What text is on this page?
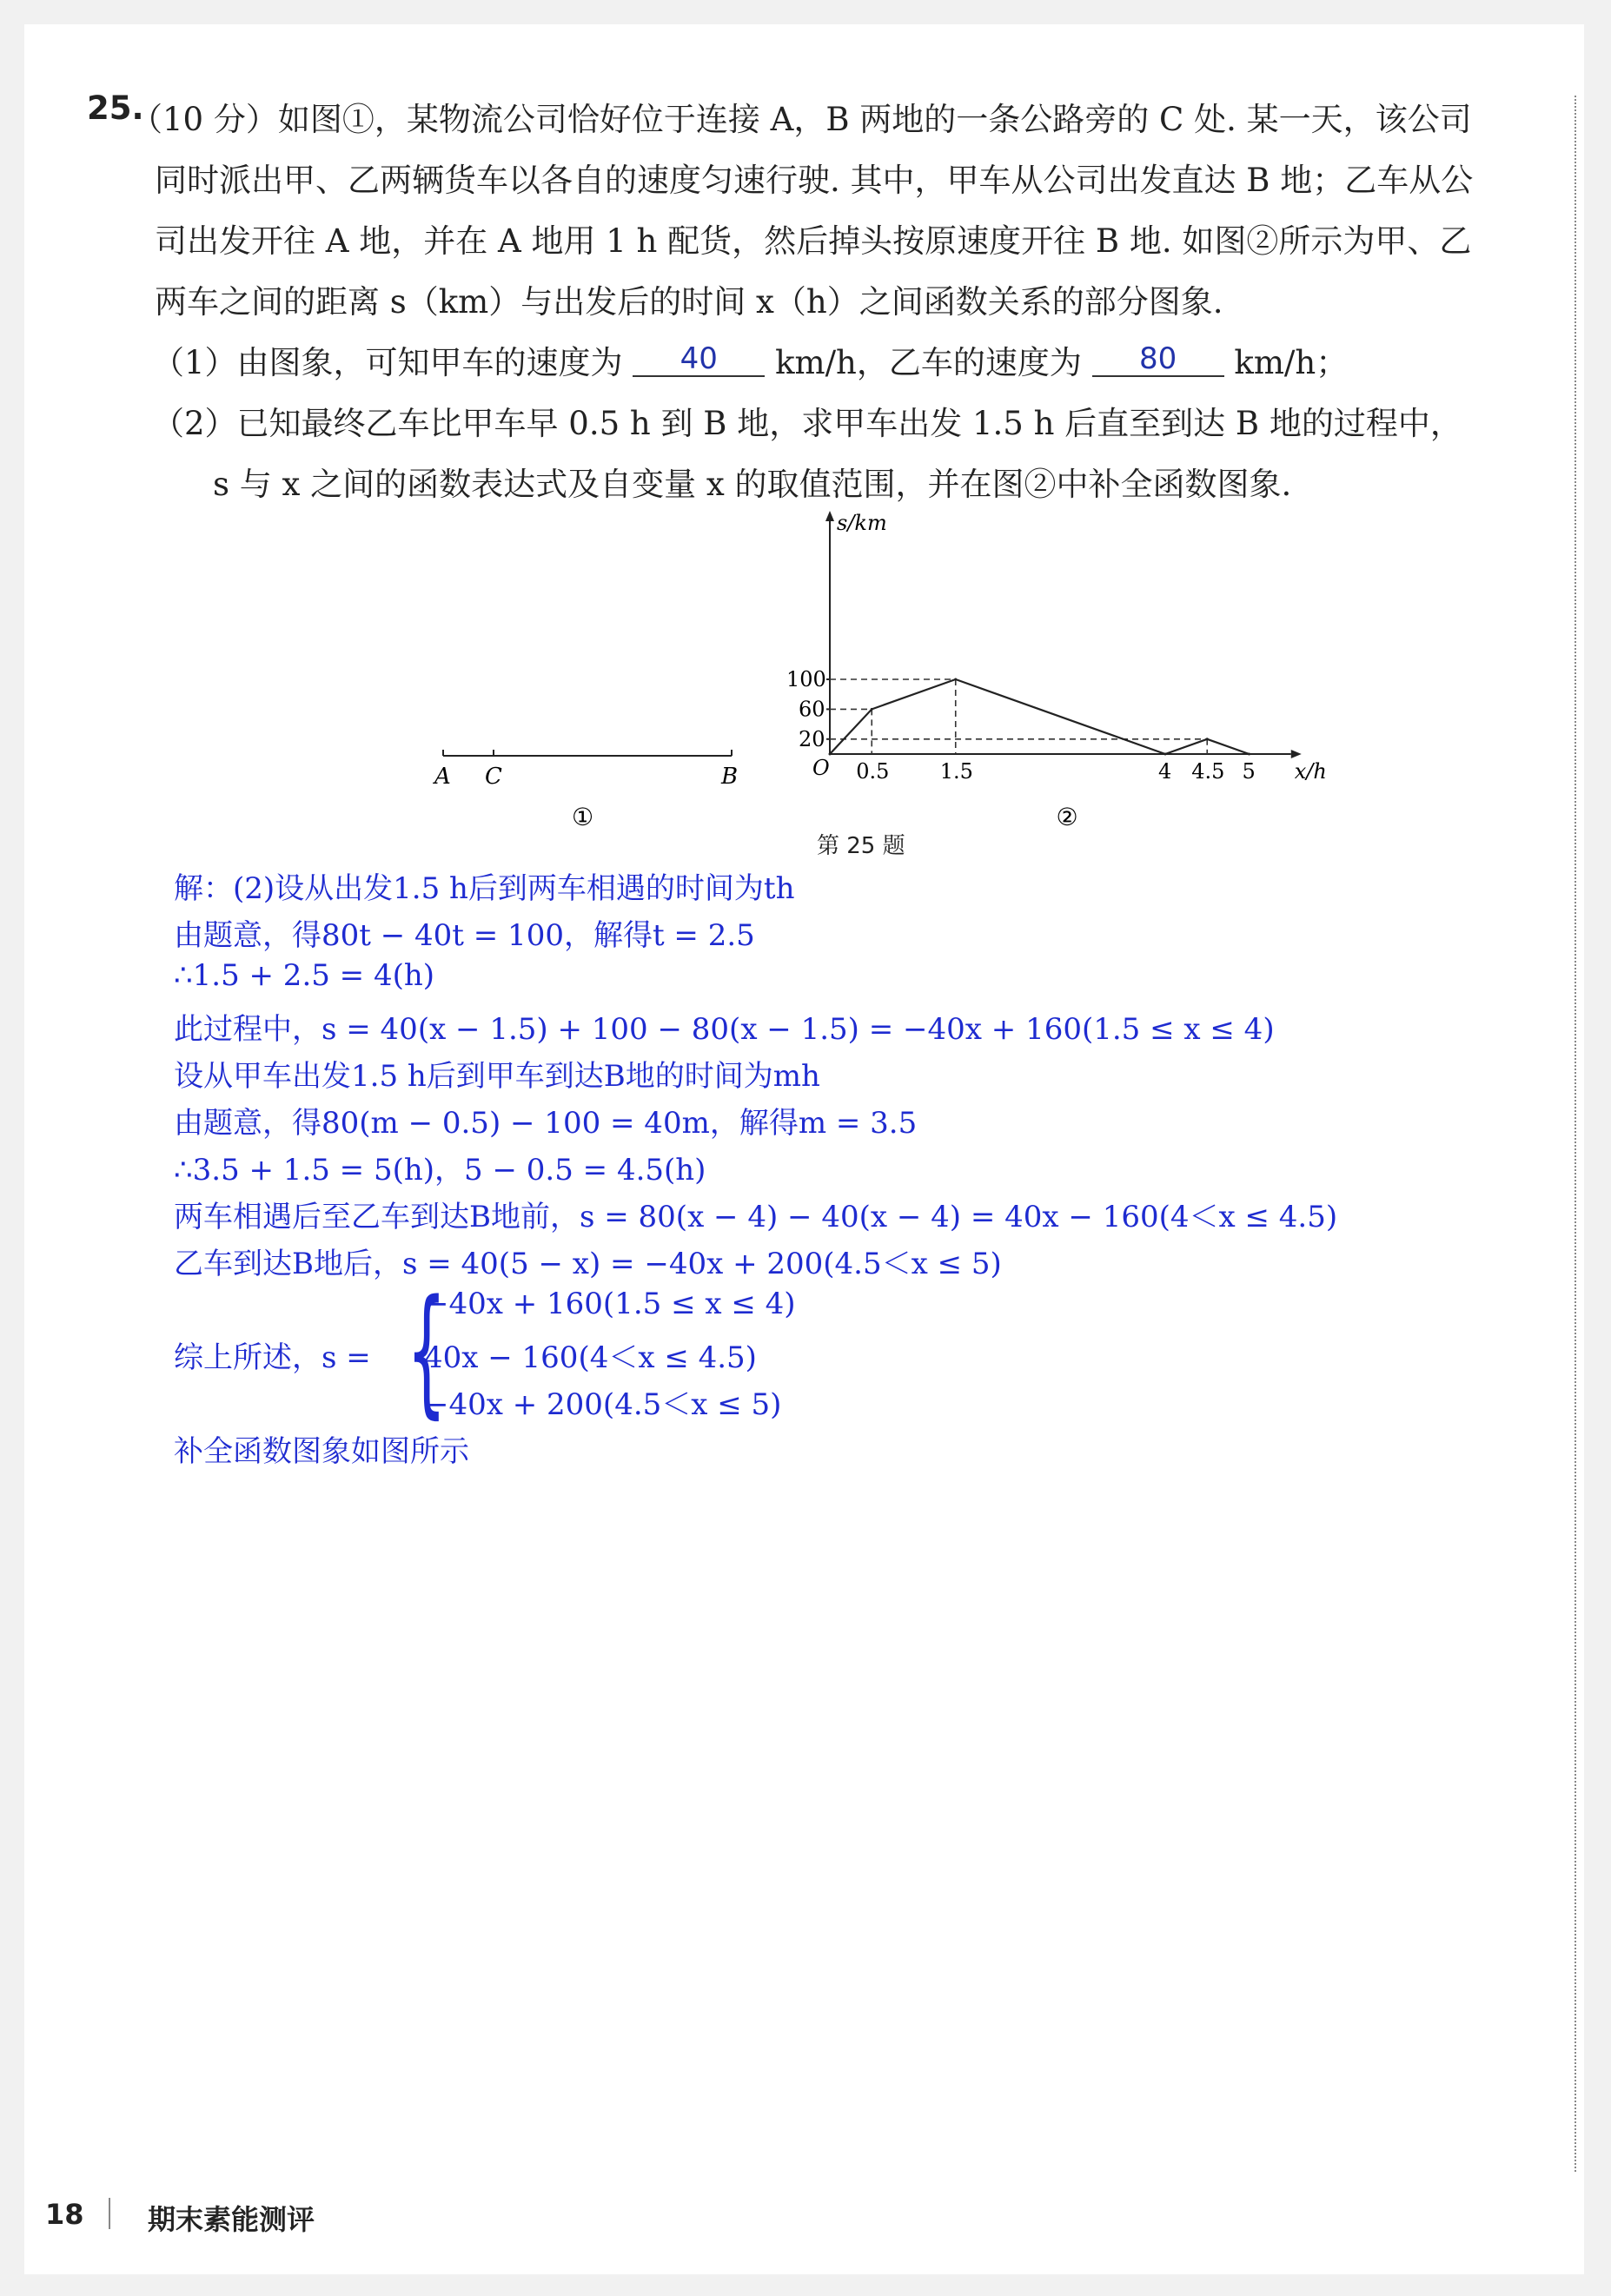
25.
（10 分）如图①，某物流公司恰好位于连接 A，B 两地的一条公路旁的 C 处. 某一天，该公司
同时派出甲、乙两辆货车以各自的速度匀速行驶. 其中，甲车从公司出发直达 B 地；乙车从公
司出发开往 A 地，并在 A 地用 1 h 配货，然后掉头按原速度开往 B 地. 如图②所示为甲、乙
两车之间的距离 s（km）与出发后的时间 x（h）之间函数关系的部分图象.
（1）由图象，可知甲车的速度为 40 km/h，乙车的速度为 80 km/h；
（2）已知最终乙车比甲车早 0.5 h 到 B 地，求甲车出发 1.5 h 后直至到达 B 地的过程中，
s 与 x 之间的函数表达式及自变量 x 的取值范围，并在图②中补全函数图象.
A C	B
①
s/km
x/h
O 0.5 1.5	4 4.5 5
20
60
100
②
第 25 题
解：(2)设从出发1.5 h后到两车相遇的时间为th
由题意，得80t − 40t = 100，解得t = 2.5
∴1.5 + 2.5 = 4(h)
此过程中，s = 40(x − 1.5) + 100 − 80(x − 1.5) = −40x + 160(1.5 ≤ x ≤ 4)
设从甲车出发1.5 h后到甲车到达B地的时间为mh
由题意，得80(m − 0.5) − 100 = 40m，解得m = 3.5
∴3.5 + 1.5 = 5(h)，5 − 0.5 = 4.5(h)
两车相遇后至乙车到达B地前，s = 80(x − 4) − 40(x − 4) = 40x − 160(4＜x ≤ 4.5)
乙车到达B地后，s = 40(5 − x) = −40x + 200(4.5＜x ≤ 5)
综上所述，s = {
−40x + 160(1.5 ≤ x ≤ 4)
40x − 160(4＜x ≤ 4.5)
−40x + 200(4.5＜x ≤ 5)
补全函数图象如图所示
18 期末素能测评
